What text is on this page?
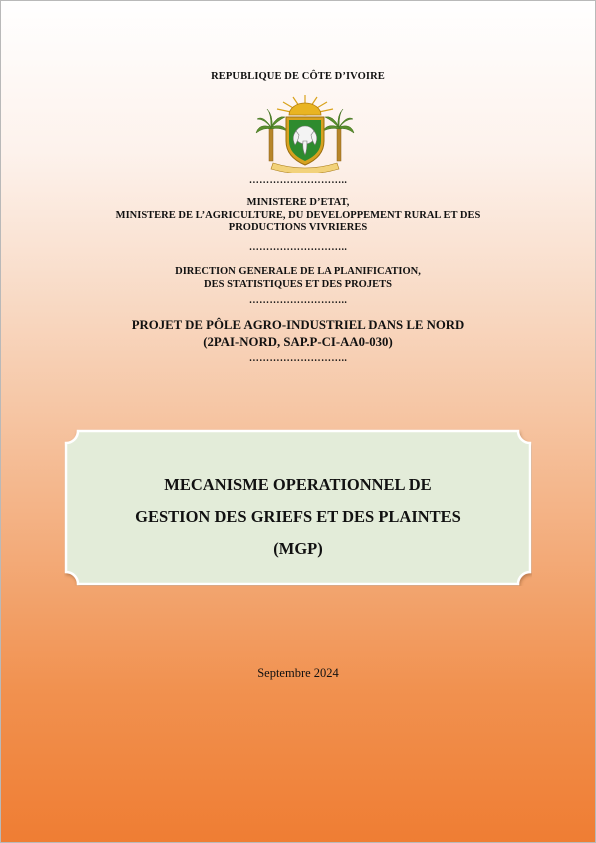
REPUBLIQUE DE CÔTE D’IVOIRE
………………………..
MINISTERE D’ETAT,
MINISTERE DE L’AGRICULTURE, DU DEVELOPPEMENT RURAL ET DES
PRODUCTIONS VIVRIERES
………………………..
DIRECTION GENERALE DE LA PLANIFICATION,
DES STATISTIQUES ET DES PROJETS
………………………..
PROJET DE PÔLE AGRO-INDUSTRIEL DANS LE NORD
(2PAI-NORD, SAP.P-CI-AA0-030)
………………………..
MECANISME OPERATIONNEL DE
GESTION DES GRIEFS ET DES PLAINTES
(MGP)
Septembre 2024
